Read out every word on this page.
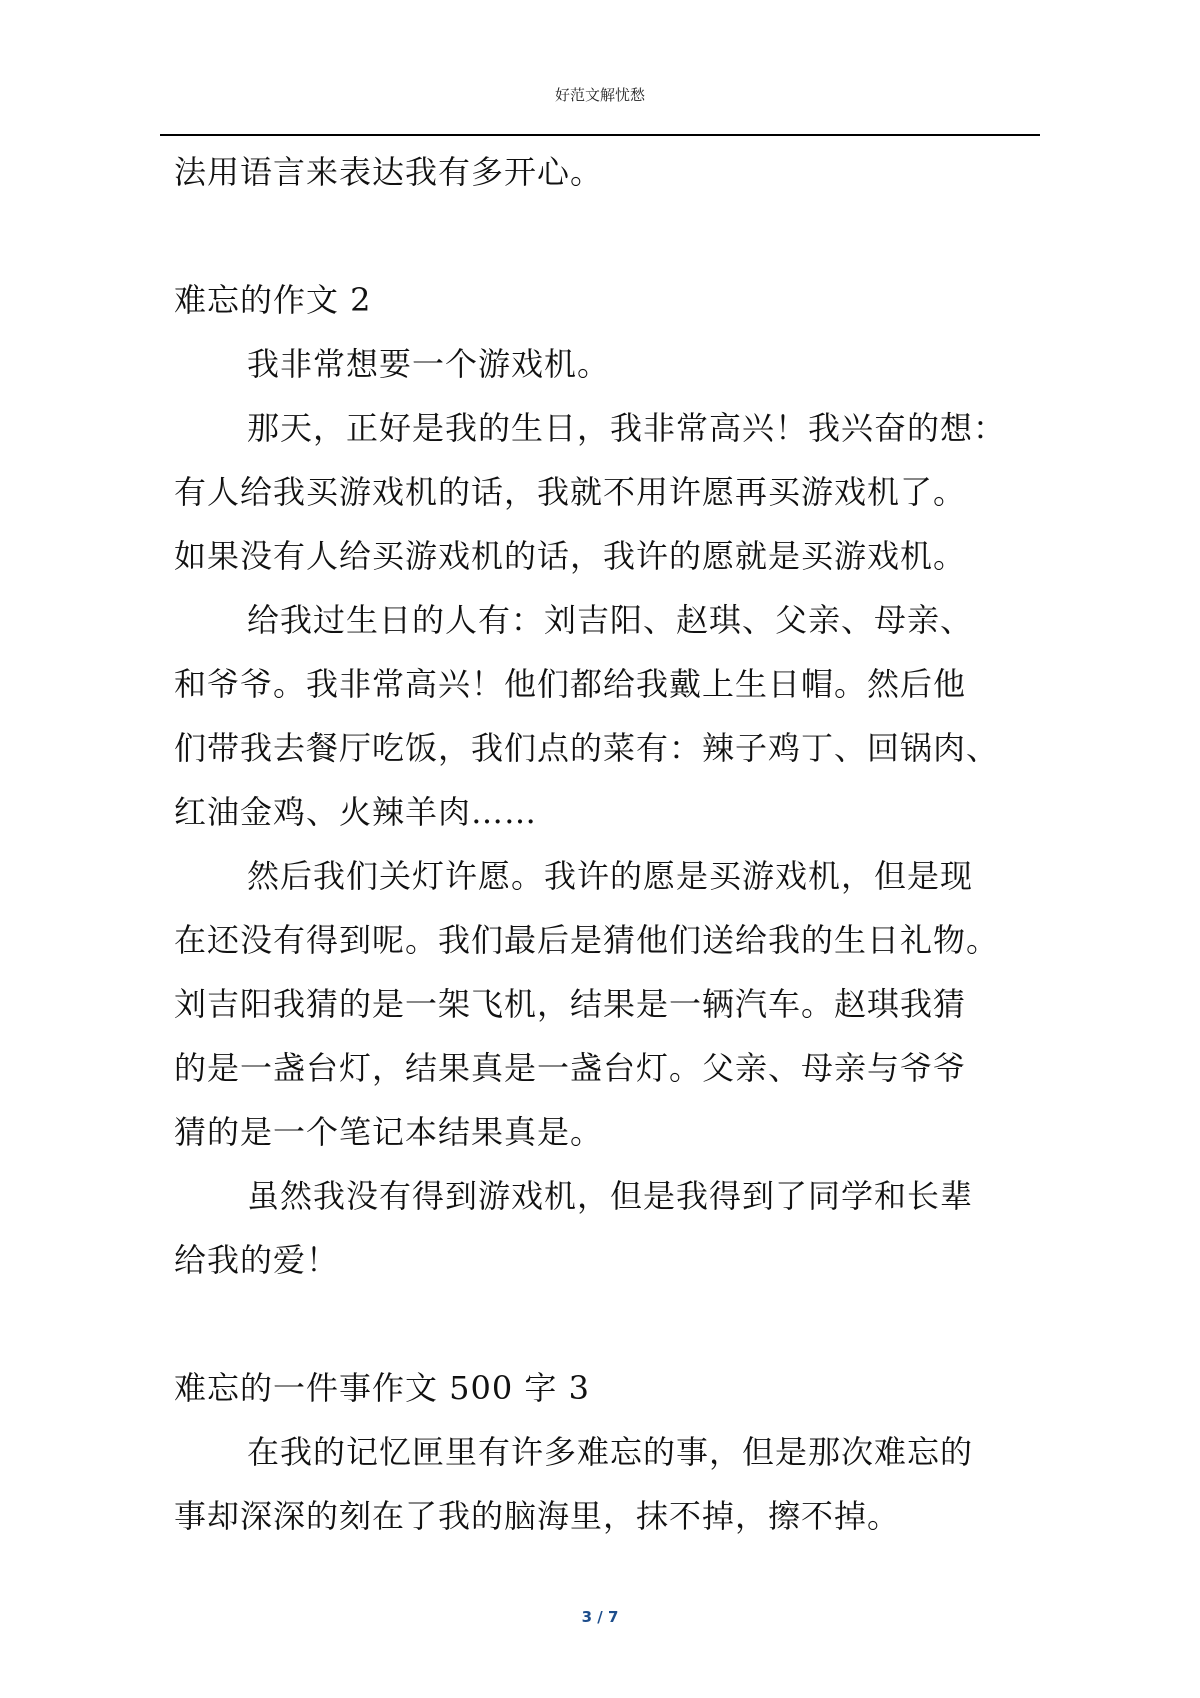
好范文解忧愁
法用语言来表达我有多开心。
难忘的作文 2
我非常想要一个游戏机。
那天，正好是我的生日，我非常高兴！我兴奋的想：
有人给我买游戏机的话，我就不用许愿再买游戏机了。
如果没有人给买游戏机的话，我许的愿就是买游戏机。
给我过生日的人有：刘吉阳、赵琪、父亲、母亲、
和爷爷。我非常高兴！他们都给我戴上生日帽。然后他
们带我去餐厅吃饭，我们点的菜有：辣子鸡丁、回锅肉、
红油金鸡、火辣羊肉……
然后我们关灯许愿。我许的愿是买游戏机，但是现
在还没有得到呢。我们最后是猜他们送给我的生日礼物。
刘吉阳我猜的是一架飞机，结果是一辆汽车。赵琪我猜
的是一盏台灯，结果真是一盏台灯。父亲、母亲与爷爷
猜的是一个笔记本结果真是。
虽然我没有得到游戏机，但是我得到了同学和长辈
给我的爱！
难忘的一件事作文 500 字 3
在我的记忆匣里有许多难忘的事，但是那次难忘的
事却深深的刻在了我的脑海里，抹不掉，擦不掉。
3 / 7
